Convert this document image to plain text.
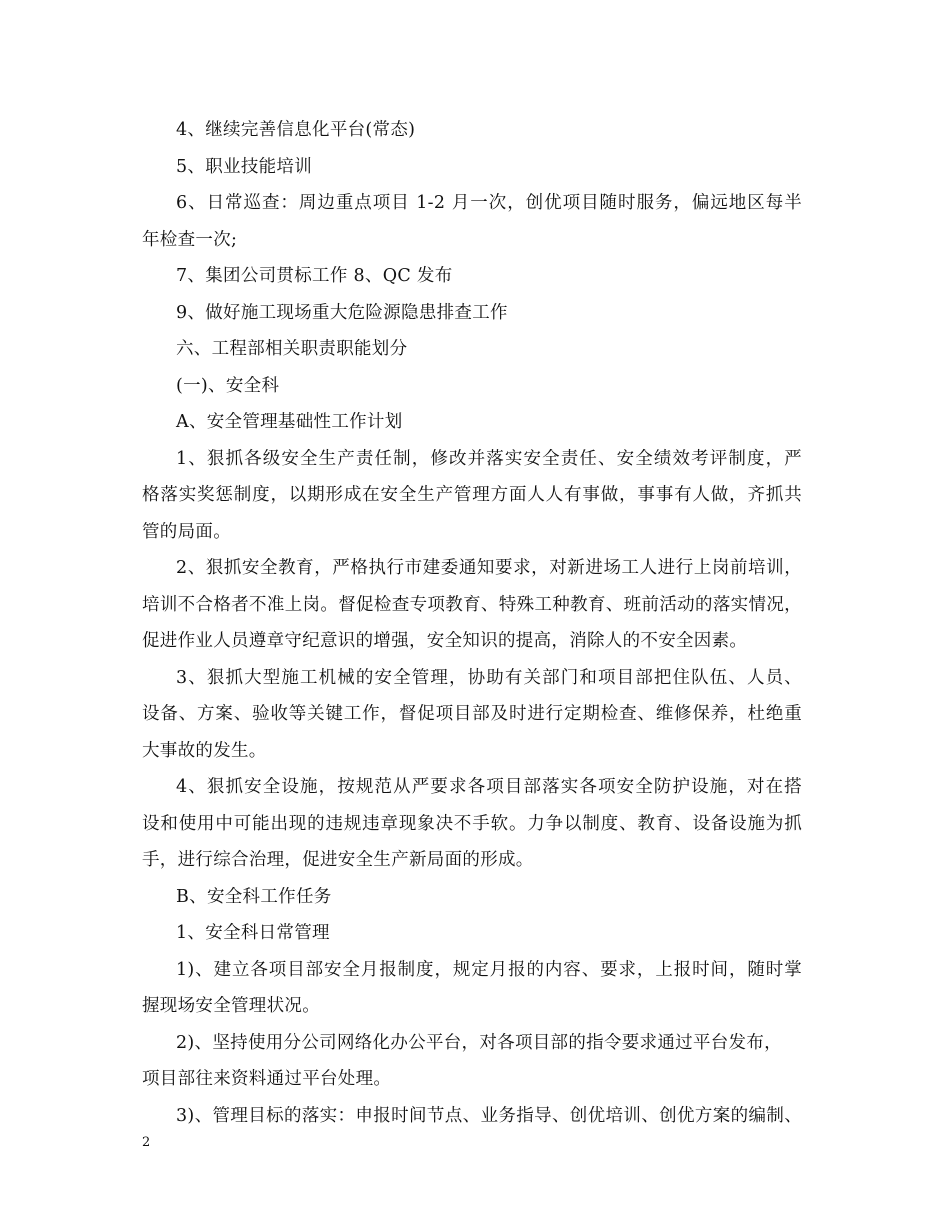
4、继续完善信息化平台(常态)
5、职业技能培训
6、日常巡查：周边重点项目 1-2 月一次，创优项目随时服务，偏远地区每半
年检查一次;
7、集团公司贯标工作 8、QC 发布
9、做好施工现场重大危险源隐患排查工作
六、工程部相关职责职能划分
(一)、安全科
A、安全管理基础性工作计划
1、狠抓各级安全生产责任制，修改并落实安全责任、安全绩效考评制度，严
格落实奖惩制度，以期形成在安全生产管理方面人人有事做，事事有人做，齐抓共
管的局面。
2、狠抓安全教育，严格执行市建委通知要求，对新进场工人进行上岗前培训，
培训不合格者不准上岗。督促检查专项教育、特殊工种教育、班前活动的落实情况，
促进作业人员遵章守纪意识的增强，安全知识的提高，消除人的不安全因素。
3、狠抓大型施工机械的安全管理，协助有关部门和项目部把住队伍、人员、
设备、方案、验收等关键工作，督促项目部及时进行定期检查、维修保养，杜绝重
大事故的发生。
4、狠抓安全设施，按规范从严要求各项目部落实各项安全防护设施，对在搭
设和使用中可能出现的违规违章现象决不手软。力争以制度、教育、设备设施为抓
手，进行综合治理，促进安全生产新局面的形成。
B、安全科工作任务
1、安全科日常管理
1)、建立各项目部安全月报制度，规定月报的内容、要求，上报时间，随时掌
握现场安全管理状况。
2)、坚持使用分公司网络化办公平台，对各项目部的指令要求通过平台发布，
项目部往来资料通过平台处理。
3)、管理目标的落实：申报时间节点、业务指导、创优培训、创优方案的编制、
2
